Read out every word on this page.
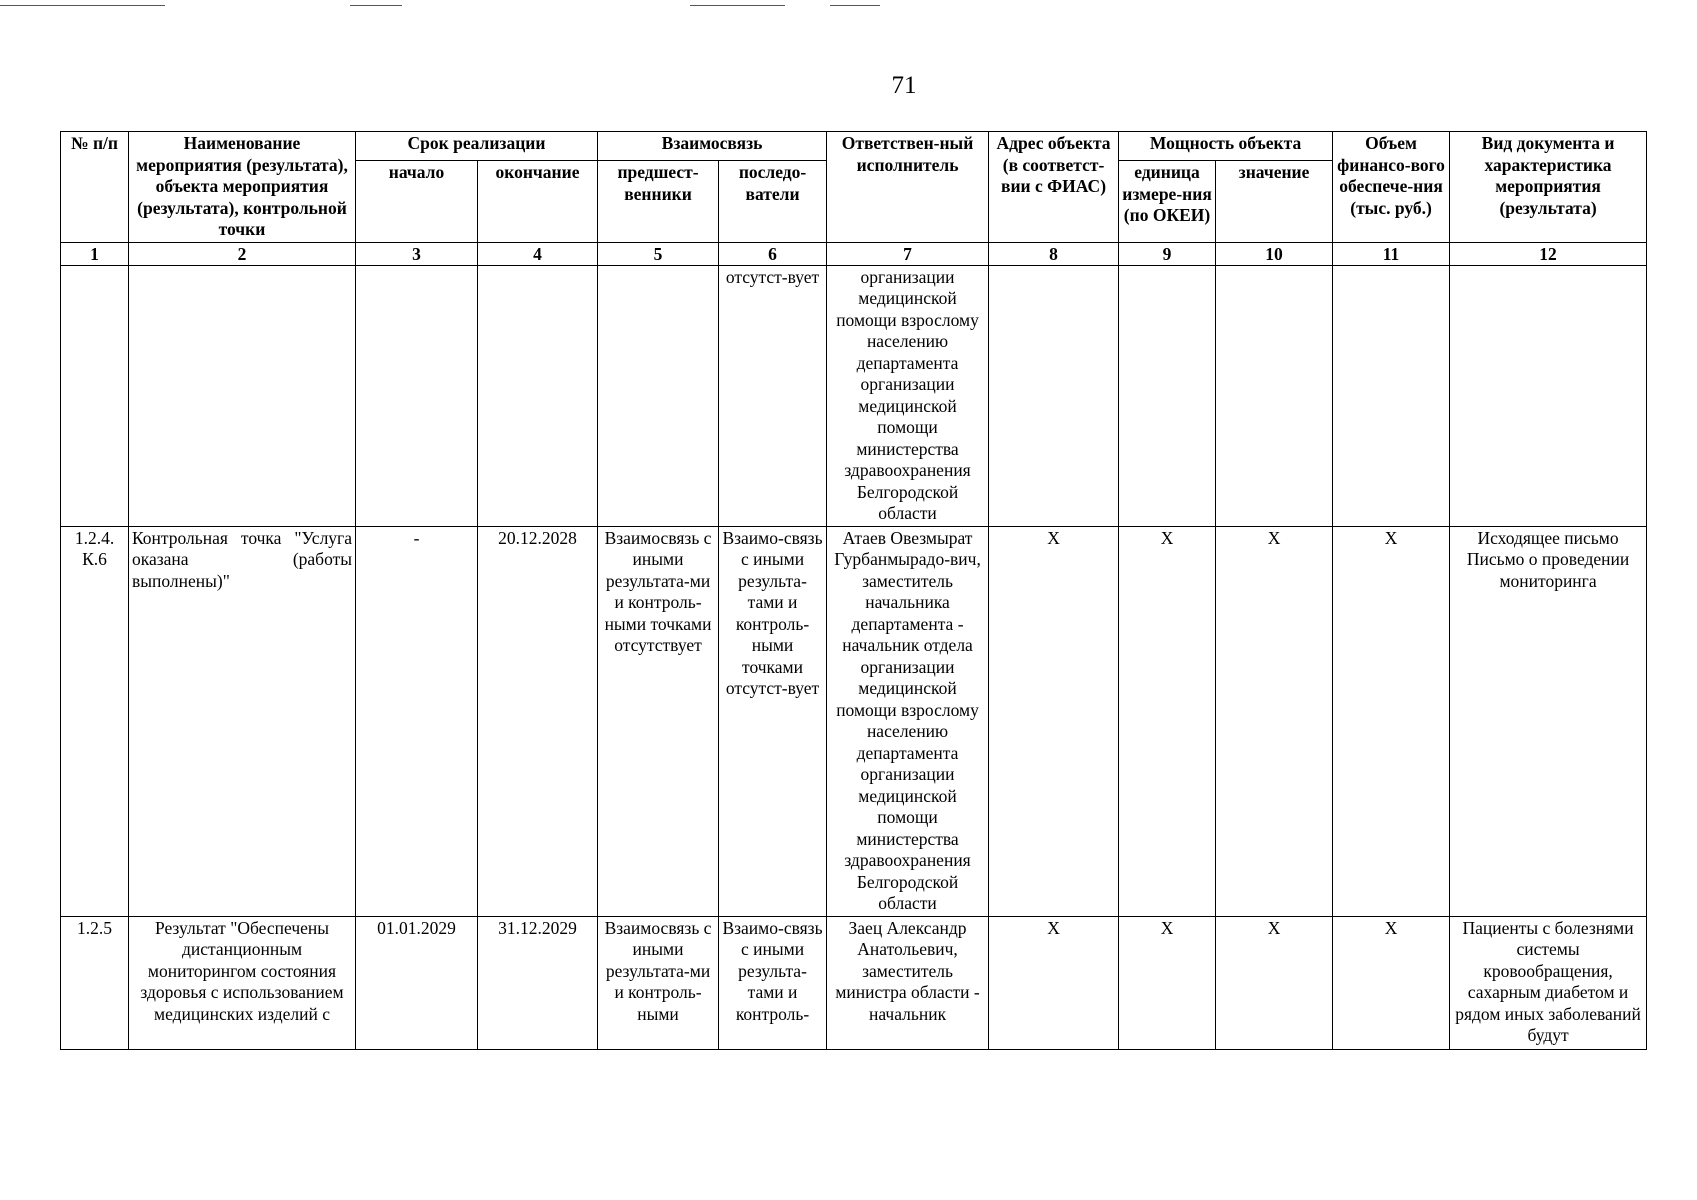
71
№ п/п	Наименование мероприятия (результата), объекта мероприятия (результата), контрольной точки	Срок реализации		Взаимосвязь		Ответствен-ный исполнитель	Адрес объекта (в соответст-вии с ФИАС)	Мощность объекта		Объем финансо-вого обеспече-ния (тыс. руб.)	Вид документа и характеристика мероприятия (результата)
		начало	окончание	предшест-венники	последо-ватели			единица измере-ния (по ОКЕИ)	значение		
1	2	3	4	5	6	7	8	9	10	11	12
					отсутст-вует	организации медицинской помощи взрослому населению департамента организации медицинской помощи министерства здравоохранения Белгородской области					
1.2.4. К.6	Контрольная точка "Услуга оказана (работы выполнены)"	-	20.12.2028	Взаимосвязь с иными результата-ми и контроль-ными точками отсутствует	Взаимо-связь с иными результа-тами и контроль-ными точками отсутст-вует	Атаев Овезмырат Гурбанмырадо-вич, заместитель начальника департамента - начальник отдела организации медицинской помощи взрослому населению департамента организации медицинской помощи министерства здравоохранения Белгородской области	Х	Х	Х	Х	Исходящее письмо Письмо о проведении мониторинга

1.2.5	Результат "Обеспечены дистанционным мониторингом состояния здоровья с использованием медицинских изделий с	01.01.2029	31.12.2029	Взаимосвязь с иными результата-ми и контроль-ными	Взаимо-связь с иными результа-тами и контроль-	Заец Александр Анатольевич, заместитель министра области - начальник	Х	Х	Х	Х	Пациенты с болезнями системы кровообращения, сахарным диабетом и рядом иных заболеваний будут
